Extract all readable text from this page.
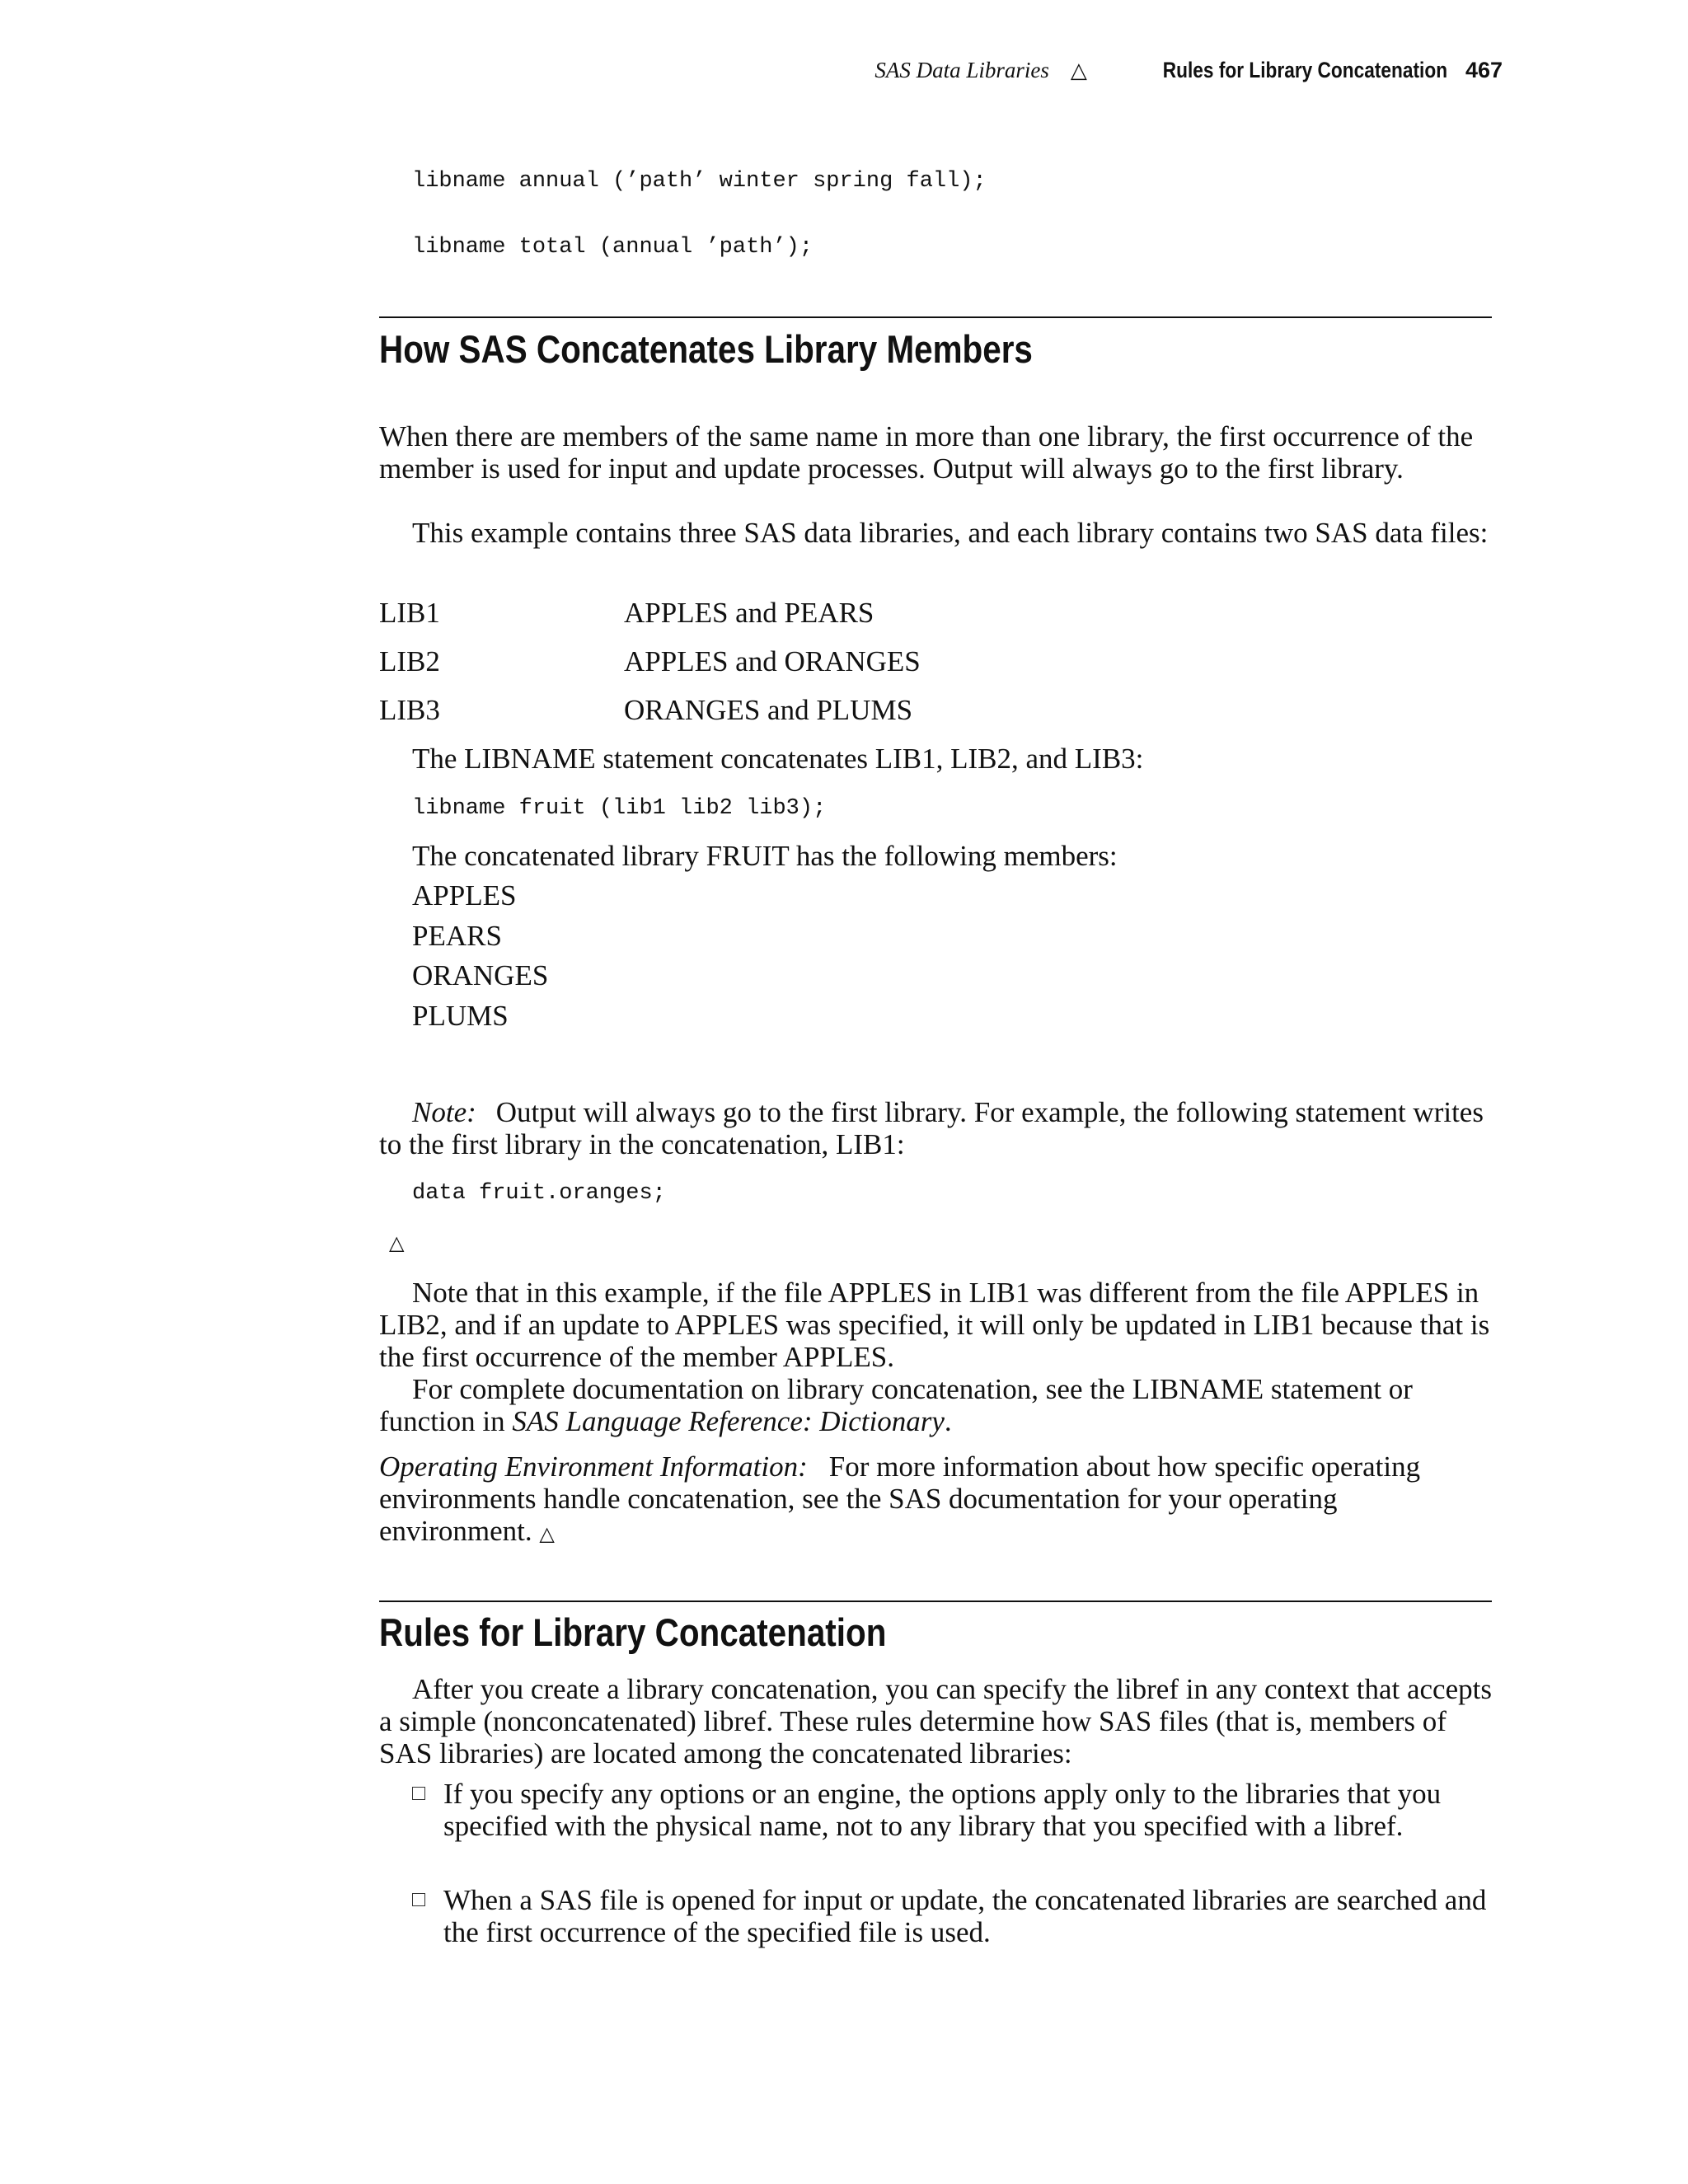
SAS Data Libraries △	Rules for Library Concatenation 467
libname annual (’path’ winter spring fall);
libname total (annual ’path’);
How SAS Concatenates Library Members
When there are members of the same name in more than one library, the first occurrence of the member is used for input and update processes. Output will always go to the first library.
This example contains three SAS data libraries, and each library contains two SAS data files:
LIB1	APPLES and PEARS
LIB2	APPLES and ORANGES
LIB3	ORANGES and PLUMS
The LIBNAME statement concatenates LIB1, LIB2, and LIB3:
libname fruit (lib1 lib2 lib3);
The concatenated library FRUIT has the following members:
APPLES
PEARS
ORANGES
PLUMS
Note: Output will always go to the first library. For example, the following statement writes to the first library in the concatenation, LIB1:
data fruit.oranges;
△
Note that in this example, if the file APPLES in LIB1 was different from the file APPLES in LIB2, and if an update to APPLES was specified, it will only be updated in LIB1 because that is the first occurrence of the member APPLES.
For complete documentation on library concatenation, see the LIBNAME statement or function in SAS Language Reference: Dictionary.
Operating Environment Information: For more information about how specific operating environments handle concatenation, see the SAS documentation for your operating environment. △
Rules for Library Concatenation
After you create a library concatenation, you can specify the libref in any context that accepts a simple (nonconcatenated) libref. These rules determine how SAS files (that is, members of SAS libraries) are located among the concatenated libraries:
If you specify any options or an engine, the options apply only to the libraries that you specified with the physical name, not to any library that you specified with a libref.
When a SAS file is opened for input or update, the concatenated libraries are searched and the first occurrence of the specified file is used.
